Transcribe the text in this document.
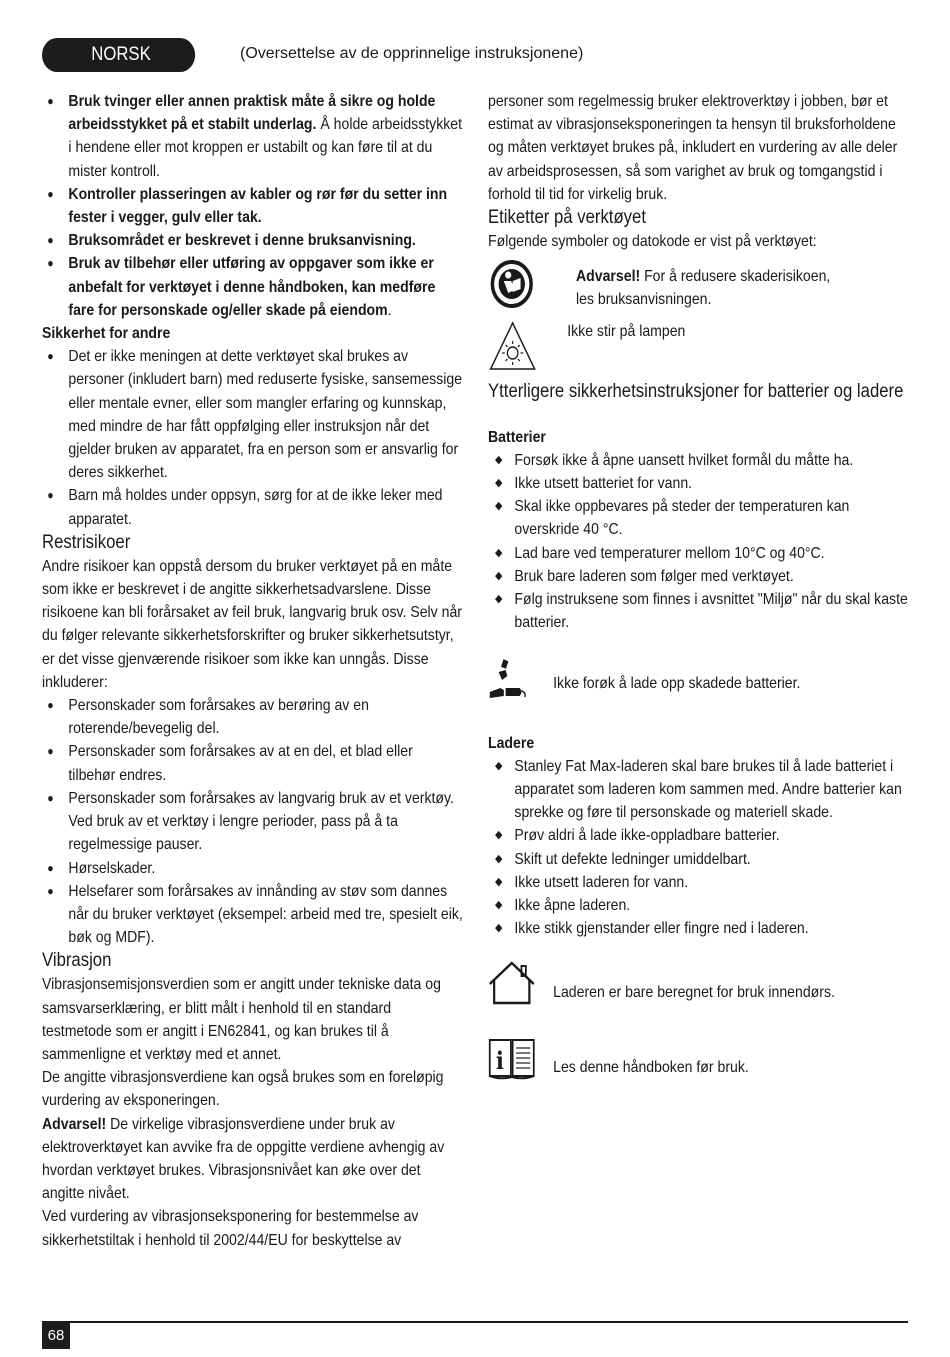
NORSK	(Oversettelse av de opprinnelige instruksjonene)
● Bruk tvinger eller annen praktisk måte å sikre og holde arbeidsstykket på et stabilt underlag. Å holde arbeidsstykket i hendene eller mot kroppen er ustabilt og kan føre til at du mister kontroll.
● Kontroller plasseringen av kabler og rør før du setter inn fester i vegger, gulv eller tak.
● Bruksområdet er beskrevet i denne bruksanvisning.
● Bruk av tilbehør eller utføring av oppgaver som ikke er anbefalt for verktøyet i denne håndboken, kan medføre fare for personskade og/eller skade på eiendom.

Sikkerhet for andre

● Det er ikke meningen at dette verktøyet skal brukes av personer (inkludert barn) med reduserte fysiske, sansemessige eller mentale evner, eller som mangler erfaring og kunnskap, med mindre de har fått oppfølging eller instruksjon når det gjelder bruken av apparatet, fra en person som er ansvarlig for deres sikkerhet.
● Barn må holdes under oppsyn, sørg for at de ikke leker med apparatet.

Restrisikoer

Andre risikoer kan oppstå dersom du bruker verktøyet på en måte som ikke er beskrevet i de angitte sikkerhetsadvarslene. Disse risikoene kan bli forårsaket av feil bruk, langvarig bruk osv. Selv når du følger relevante sikkerhetsforskrifter og bruker sikkerhetsutstyr, er det visse gjenværende risikoer som ikke kan unngås. Disse inkluderer:

● Personskader som forårsakes av berøring av en roterende/bevegelig del.
● Personskader som forårsakes av at en del, et blad eller tilbehør endres.
● Personskader som forårsakes av langvarig bruk av et verktøy. Ved bruk av et verktøy i lengre perioder, pass på å ta regelmessige pauser.
● Hørselskader.
● Helsefarer som forårsakes av innånding av støv som dannes når du bruker verktøyet (eksempel: arbeid med tre, spesielt eik, bøk og MDF).

Vibrasjon

Vibrasjonsemisjonsverdien som er angitt under tekniske data og samsvarserklæring, er blitt målt i henhold til en standard testmetode som er angitt i EN62841, og kan brukes til å sammenligne et verktøy med et annet.

De angitte vibrasjonsverdiene kan også brukes som en foreløpig vurdering av eksponeringen.

Advarsel! De virkelige vibrasjonsverdiene under bruk av elektroverktøyet kan avvike fra de oppgitte verdiene avhengig av hvordan verktøyet brukes. Vibrasjonsnivået kan øke over det angitte nivået.

Ved vurdering av vibrasjonseksponering for bestemmelse av sikkerhetstiltak i henhold til 2002/44/EU for beskyttelse av

personer som regelmessig bruker elektroverktøy i jobben, bør et estimat av vibrasjonseksponeringen ta hensyn til bruksforholdene og måten verktøyet brukes på, inkludert en vurdering av alle deler av arbeidsprosessen, så som varighet av bruk og tomgangstid i forhold til tid for virkelig bruk.

Etiketter på verktøyet

Følgende symboler og datokode er vist på verktøyet:

Advarsel! For å redusere skaderisikoen, les bruksanvisningen.

Ikke stir på lampen

Ytterligere sikkerhetsinstruksjoner for batterier og ladere

Batterier

◆ Forsøk ikke å åpne uansett hvilket formål du måtte ha.
◆ Ikke utsett batteriet for vann.
◆ Skal ikke oppbevares på steder der temperaturen kan overskride 40 °C.
◆ Lad bare ved temperaturer mellom 10°C og 40°C.
◆ Bruk bare laderen som følger med verktøyet.
◆ Følg instruksene som finnes i avsnittet "Miljø" når du skal kaste batterier.

Ikke forøk å lade opp skadede batterier.

Ladere

◆ Stanley Fat Max-laderen skal bare brukes til å lade batteriet i apparatet som laderen kom sammen med. Andre batterier kan sprekke og føre til personskade og materiell skade.
◆ Prøv aldri å lade ikke-oppladbare batterier.
◆ Skift ut defekte ledninger umiddelbart.
◆ Ikke utsett laderen for vann.
◆ Ikke åpne laderen.
◆ Ikke stikk gjenstander eller fingre ned i laderen.

Laderen er bare beregnet for bruk innendørs.

i	Les denne håndboken før bruk.

68
